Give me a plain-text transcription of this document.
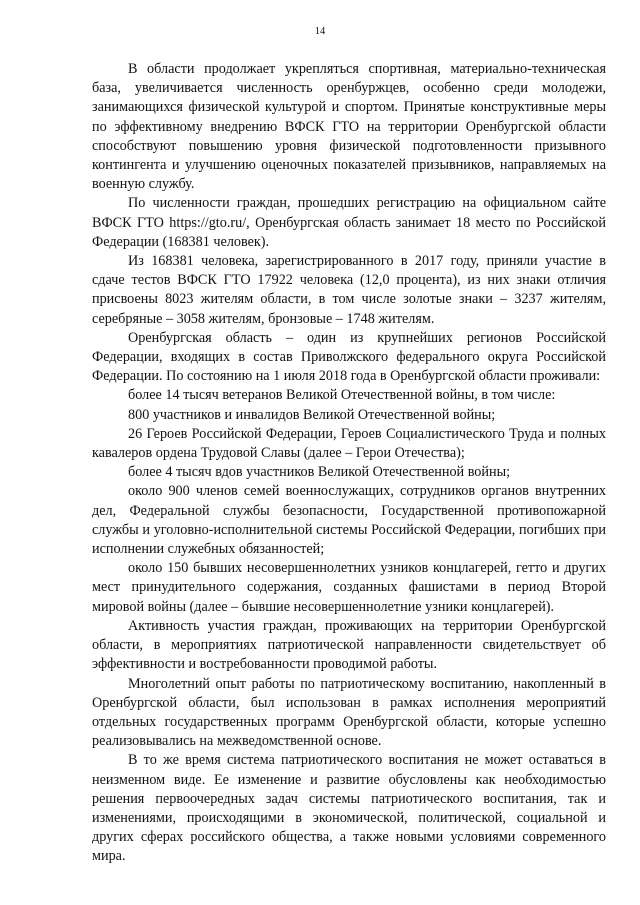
14

В области продолжает укрепляться спортивная, материально-техническая база, увеличивается численность оренбуржцев, особенно среди молодежи, занимающихся физической культурой и спортом. Принятые конструктивные меры по эффективному внедрению ВФСК ГТО на территории Оренбургской области способствуют повышению уровня физической подготовленности призывного контингента и улучшению оценочных показателей призывников, направляемых на военную службу.

По численности граждан, прошедших регистрацию на официальном сайте ВФСК ГТО https://gto.ru/, Оренбургская область занимает 18 место по Российской Федерации (168381 человек).

Из 168381 человека, зарегистрированного в 2017 году, приняли участие в сдаче тестов ВФСК ГТО 17922 человека (12,0 процента), из них знаки отличия присвоены 8023 жителям области, в том числе золотые знаки – 3237 жителям, серебряные – 3058 жителям, бронзовые – 1748 жителям.

Оренбургская область – один из крупнейших регионов Российской Федерации, входящих в состав Приволжского федерального округа Российской Федерации. По состоянию на 1 июля 2018 года в Оренбургской области проживали:

более 14 тысяч ветеранов Великой Отечественной войны, в том числе:

800 участников и инвалидов Великой Отечественной войны;

26 Героев Российской Федерации, Героев Социалистического Труда и полных кавалеров ордена Трудовой Славы (далее – Герои Отечества);

более 4 тысяч вдов участников Великой Отечественной войны;

около 900 членов семей военнослужащих, сотрудников органов внутренних дел, Федеральной службы безопасности, Государственной противопожарной службы и уголовно-исполнительной системы Российской Федерации, погибших при исполнении служебных обязанностей;

около 150 бывших несовершеннолетних узников концлагерей, гетто и других мест принудительного содержания, созданных фашистами в период Второй мировой войны (далее – бывшие несовершеннолетние узники концлагерей).

Активность участия граждан, проживающих на территории Оренбургской области, в мероприятиях патриотической направленности свидетельствует об эффективности и востребованности проводимой работы.

Многолетний опыт работы по патриотическому воспитанию, накопленный в Оренбургской области, был использован в рамках исполнения мероприятий отдельных государственных программ Оренбургской области, которые успешно реализовывались на межведомственной основе.

В то же время система патриотического воспитания не может оставаться в неизменном виде. Ее изменение и развитие обусловлены как необходимостью решения первоочередных задач системы патриотического воспитания, так и изменениями, происходящими в экономической, политической, социальной и других сферах российского общества, а также новыми условиями современного мира.
